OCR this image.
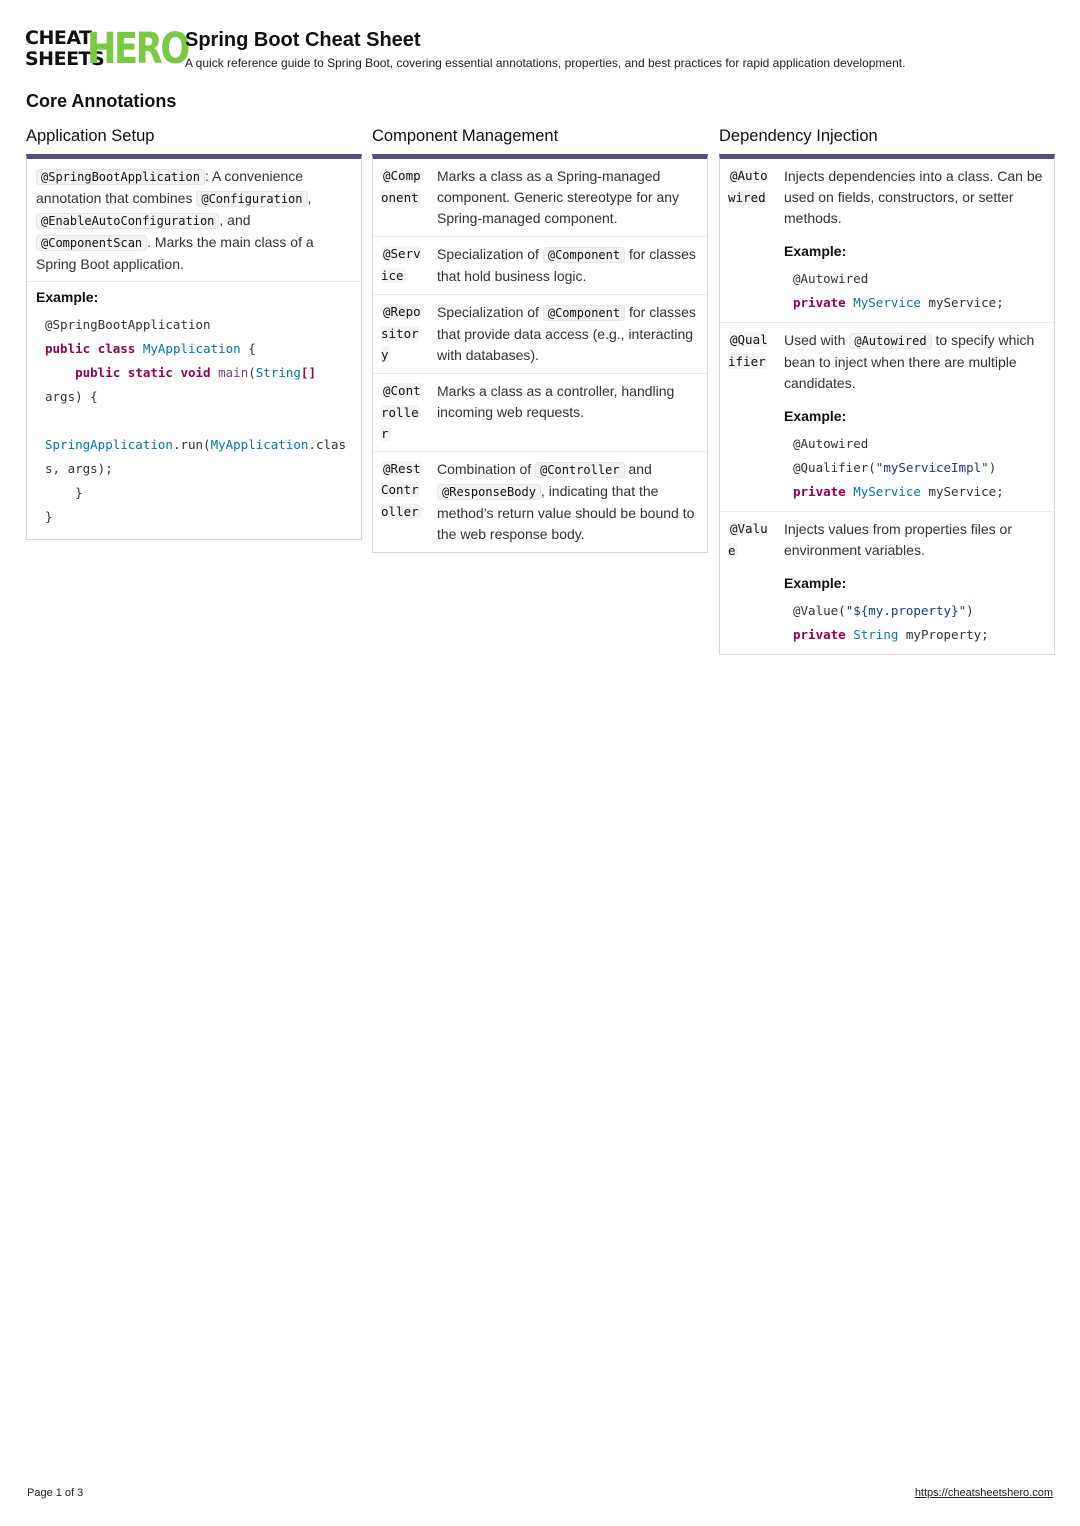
CHEAT
SHEETS
HERO
Spring Boot Cheat Sheet
A quick reference guide to Spring Boot, covering essential annotations, properties, and best practices for rapid application development.
Core Annotations
Application Setup
@SpringBootApplication : A convenience annotation that combines @Configuration , @EnableAutoConfiguration , and @ComponentScan . Marks the main class of a Spring Boot application.
Example:
@SpringBootApplication
public class MyApplication {
public static void main(String[]
args) {

SpringApplication.run(MyApplication.class, args);
}
}
Component Management
@Component
Marks a class as a Spring-managed component. Generic stereotype for any Spring-managed component.
@Service
Specialization of @Component for classes that hold business logic.
@Repository
Specialization of @Component for classes that provide data access (e.g., interacting with databases).
@Controller
Marks a class as a controller, handling incoming web requests.
@RestController
Combination of @Controller and @ResponseBody , indicating that the method’s return value should be bound to the web response body.
Dependency Injection
@Autowired
Injects dependencies into a class. Can be used on fields, constructors, or setter methods.
Example:
@Autowired
private MyService myService;
@Qualifier
Used with @Autowired to specify which bean to inject when there are multiple candidates.
Example:
@Autowired
@Qualifier("myServiceImpl")
private MyService myService;
@Value
Injects values from properties files or environment variables.
Example:
@Value("${my.property}")
private String myProperty;
Page 1 of 3	https://cheatsheetshero.com
